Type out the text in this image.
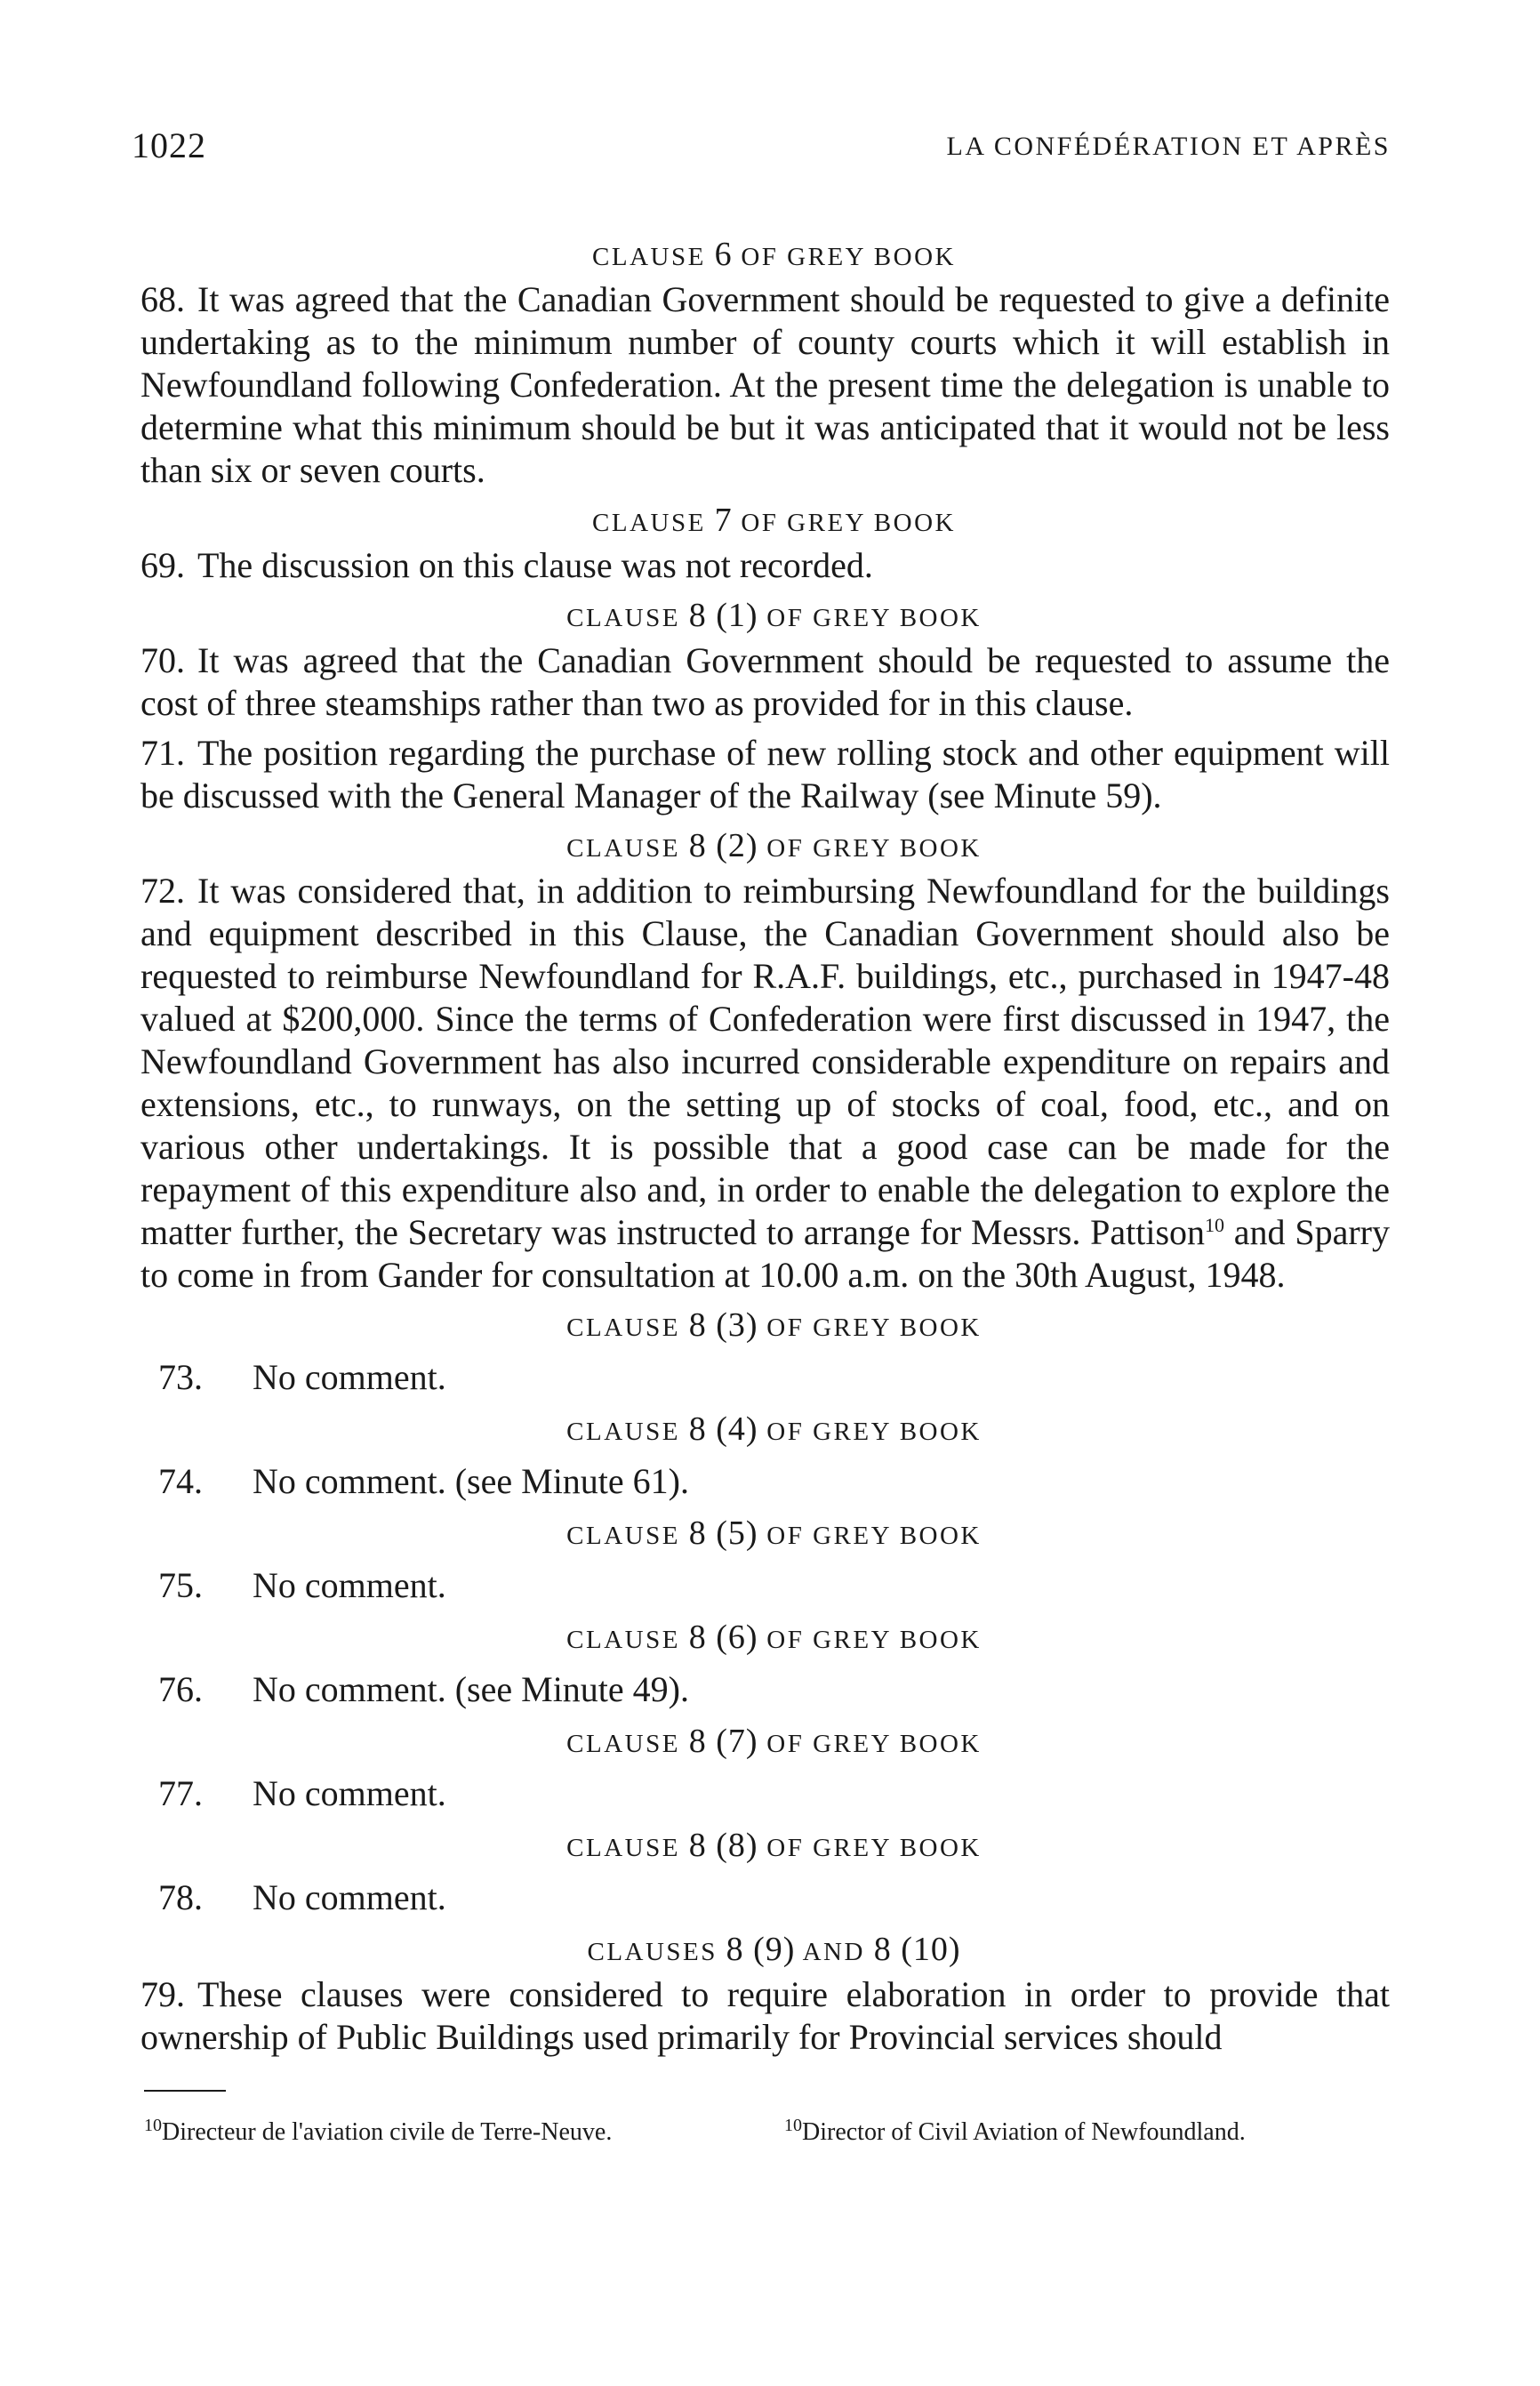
1022	LA CONFÉDÉRATION ET APRÈS

CLAUSE 6 OF GREY BOOK

68. It was agreed that the Canadian Government should be requested to give a definite undertaking as to the minimum number of county courts which it will establish in Newfoundland following Confederation. At the present time the delegation is unable to determine what this minimum should be but it was anticipated that it would not be less than six or seven courts.

CLAUSE 7 OF GREY BOOK

69. The discussion on this clause was not recorded.

CLAUSE 8 (1) OF GREY BOOK

70. It was agreed that the Canadian Government should be requested to assume the cost of three steamships rather than two as provided for in this clause.

71. The position regarding the purchase of new rolling stock and other equipment will be discussed with the General Manager of the Railway (see Minute 59).

CLAUSE 8 (2) OF GREY BOOK

72. It was considered that, in addition to reimbursing Newfoundland for the buildings and equipment described in this Clause, the Canadian Government should also be requested to reimburse Newfoundland for R.A.F. buildings, etc., purchased in 1947-48 valued at $200,000. Since the terms of Confederation were first discussed in 1947, the Newfoundland Government has also incurred considerable expenditure on repairs and extensions, etc., to runways, on the setting up of stocks of coal, food, etc., and on various other undertakings. It is possible that a good case can be made for the repayment of this expenditure also and, in order to enable the delegation to explore the matter further, the Secretary was instructed to arrange for Messrs. Pattison$^{10}$ and Sparry to come in from Gander for consultation at 10.00 a.m. on the 30th August, 1948.

CLAUSE 8 (3) OF GREY BOOK

73. No comment.

CLAUSE 8 (4) OF GREY BOOK

74. No comment. (see Minute 61).

CLAUSE 8 (5) OF GREY BOOK

75. No comment.

CLAUSE 8 (6) OF GREY BOOK

76. No comment. (see Minute 49).

CLAUSE 8 (7) OF GREY BOOK

77. No comment.

CLAUSE 8 (8) OF GREY BOOK

78. No comment.

CLAUSES 8 (9) AND 8 (10)

79. These clauses were considered to require elaboration in order to provide that ownership of Public Buildings used primarily for Provincial services should

$^{10}$Directeur de l'aviation civile de Terre-Neuve.	$^{10}$Director of Civil Aviation of Newfoundland.
